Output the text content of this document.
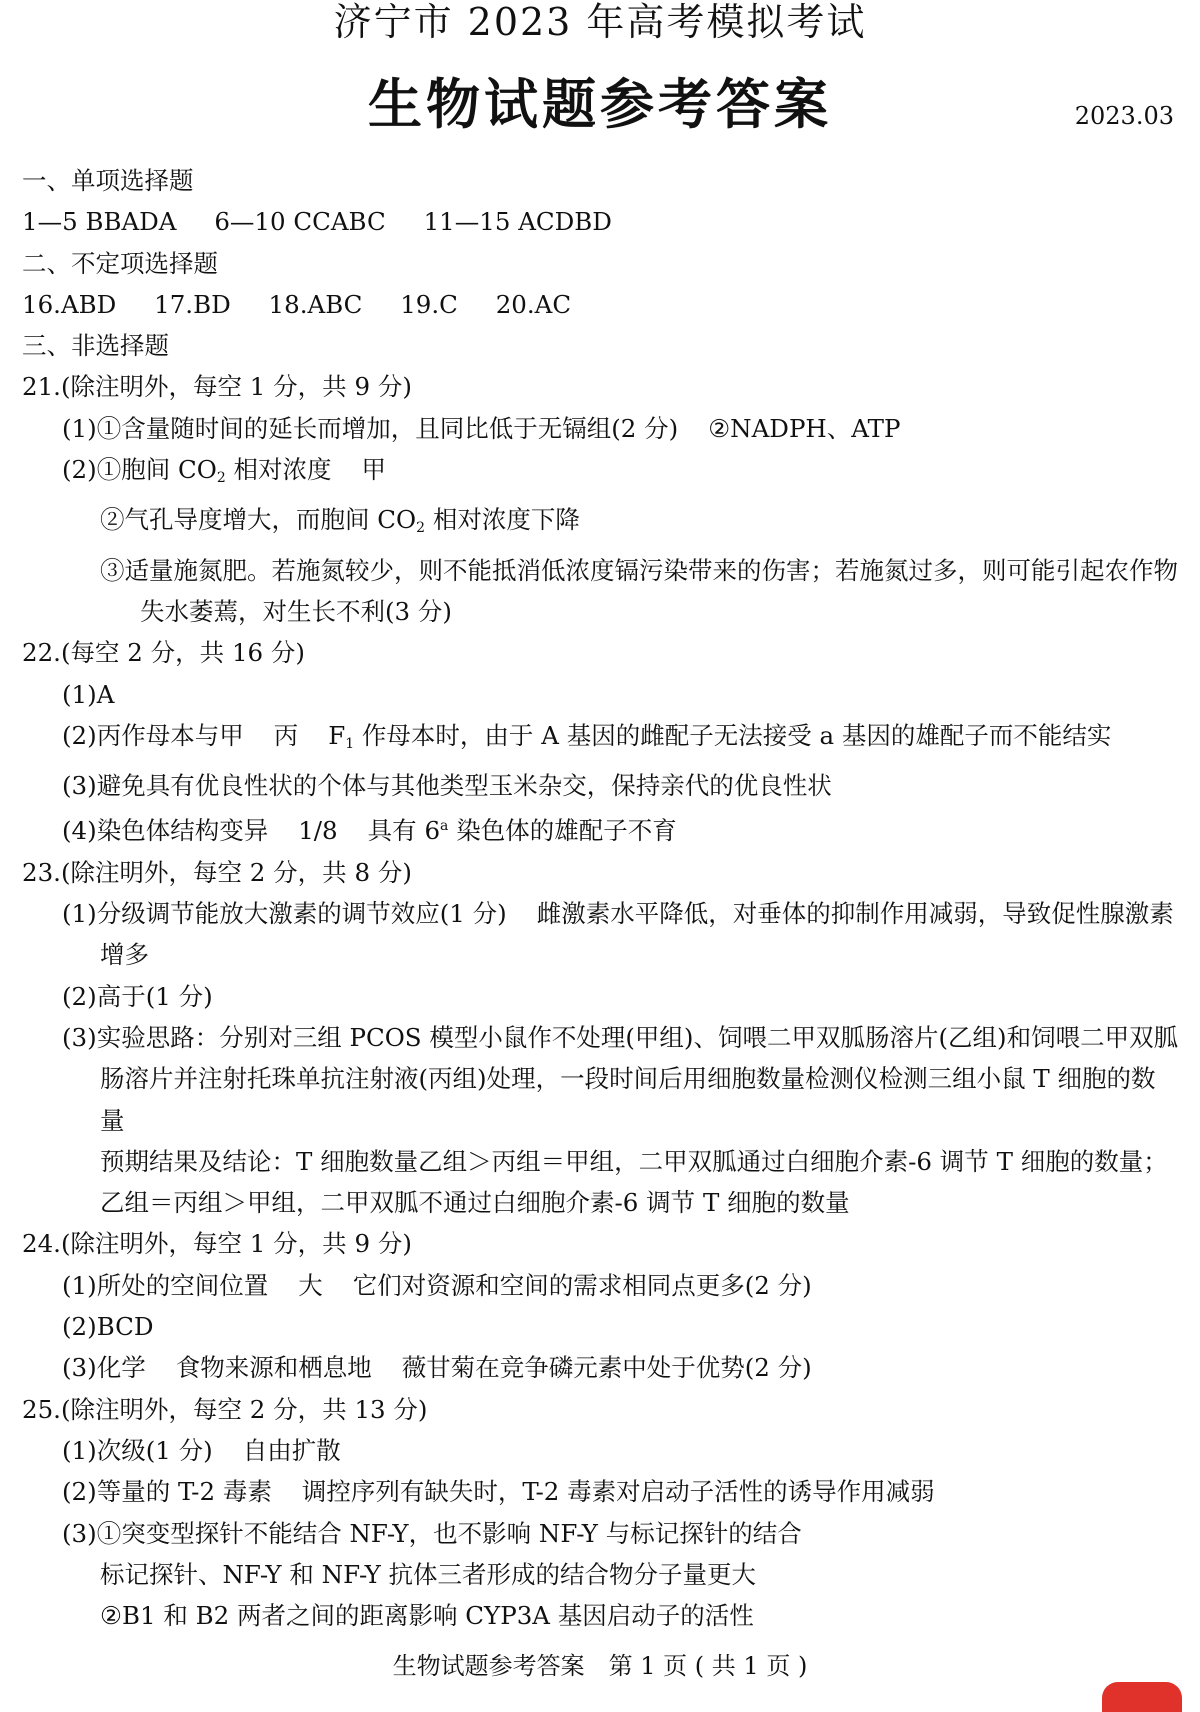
济宁市 2023 年高考模拟考试
生物试题参考答案	2023.03
一、单项选择题
1—5 BBADA 6—10 CCABC 11—15 ACDBD
二、不定项选择题
16.ABD 17.BD 18.ABC 19.C 20.AC
三、非选择题
21.(除注明外，每空 1 分，共 9 分)
(1)①含量随时间的延长而增加，且同比低于无镉组(2 分) ②NADPH、ATP
(2)①胞间 $CO_2$ 相对浓度 甲
②气孔导度增大，而胞间 $CO_2$ 相对浓度下降
③适量施氮肥。若施氮较少，则不能抵消低浓度镉污染带来的伤害；若施氮过多，则可能引起农作物失水萎蔫，对生长不利(3 分)
22.(每空 2 分，共 16 分)
(1)A
(2)丙作母本与甲 丙 $F_1$ 作母本时，由于 A 基因的雌配子无法接受 a 基因的雄配子而不能结实
(3)避免具有优良性状的个体与其他类型玉米杂交，保持亲代的优良性状
(4)染色体结构变异 1/8 具有 6$^a$ 染色体的雄配子不育
23.(除注明外，每空 2 分，共 8 分)
(1)分级调节能放大激素的调节效应(1 分) 雌激素水平降低，对垂体的抑制作用减弱，导致促性腺激素增多
(2)高于(1 分)
(3)实验思路：分别对三组 PCOS 模型小鼠作不处理(甲组)、饲喂二甲双胍肠溶片(乙组)和饲喂二甲双胍肠溶片并注射托珠单抗注射液(丙组)处理，一段时间后用细胞数量检测仪检测三组小鼠 T 细胞的数量
预期结果及结论：T 细胞数量乙组＞丙组＝甲组，二甲双胍通过白细胞介素-6 调节 T 细胞的数量；乙组＝丙组＞甲组，二甲双胍不通过白细胞介素-6 调节 T 细胞的数量
24.(除注明外，每空 1 分，共 9 分)
(1)所处的空间位置 大 它们对资源和空间的需求相同点更多(2 分)
(2)BCD
(3)化学 食物来源和栖息地 薇甘菊在竞争磷元素中处于优势(2 分)
25.(除注明外，每空 2 分，共 13 分)
(1)次级(1 分) 自由扩散
(2)等量的 T-2 毒素 调控序列有缺失时，T-2 毒素对启动子活性的诱导作用减弱
(3)①突变型探针不能结合 NF-Y，也不影响 NF-Y 与标记探针的结合
标记探针、NF-Y 和 NF-Y 抗体三者形成的结合物分子量更大
②B1 和 B2 两者之间的距离影响 CYP3A 基因启动子的活性
生物试题参考答案　第 1 页 ( 共 1 页 )
